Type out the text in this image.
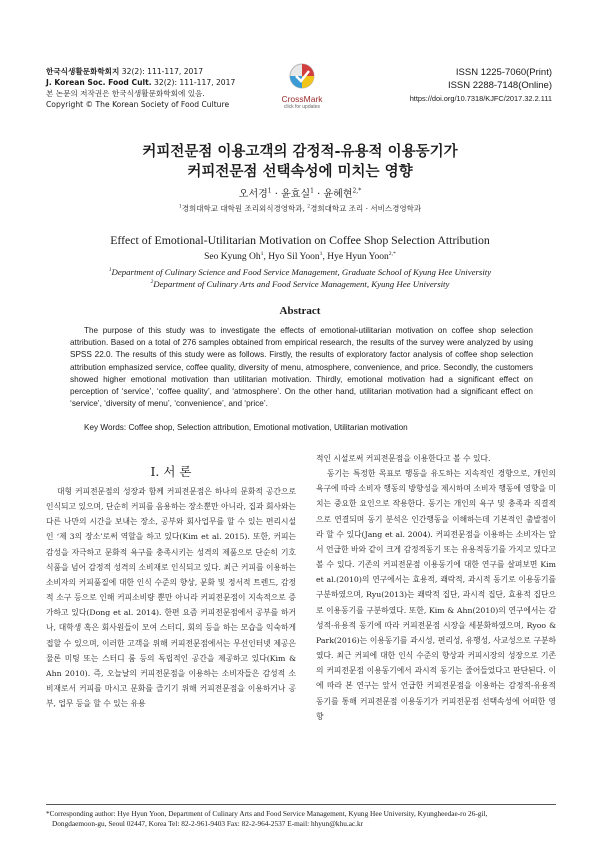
한국식생활문화학회지 32(2): 111-117, 2017
J. Korean Soc. Food Cult. 32(2): 111-117, 2017
본 논문의 저작권은 한국식생활문화학회에 있음.
Copyright © The Korean Society of Food Culture
CrossMark
click for updates
ISSN 1225-7060(Print)
ISSN 2288-7148(Online)
https://doi.org/10.7318/KJFC/2017.32.2.111
커피전문점 이용고객의 감정적-유용적 이용동기가
커피전문점 선택속성에 미치는 영향
오서경$^1$ · 윤효실$^1$ · 윤혜현$^{2,*}$
$^1$경희대학교 대학원 조리외식경영학과, $^2$경희대학교 조리 · 서비스경영학과
Effect of Emotional-Utilitarian Motivation on Coffee Shop Selection Attribution
Seo Kyung Oh$^1$, Hyo Sil Yoon$^1$, Hye Hyun Yoon$^{2,*}$
$^1$Department of Culinary Science and Food Service Management, Graduate School of Kyung Hee University
$^2$Department of Culinary Arts and Food Service Management, Kyung Hee University
Abstract
The purpose of this study was to investigate the effects of emotional-utilitarian motivation on coffee shop selection attribution. Based on a total of 276 samples obtained from empirical research, the results of the survey were analyzed by using SPSS 22.0. The results of this study were as follows. Firstly, the results of exploratory factor analysis of coffee shop selection attribution emphasized service, coffee quality, diversity of menu, atmosphere, convenience, and price. Secondly, the customers showed higher emotional motivation than utilitarian motivation. Thirdly, emotional motivation had a significant effect on perception of ‘service’, ‘coffee quality’, and ‘atmosphere’. On the other hand, utilitarian motivation had a significant effect on ‘service’, ‘diversity of menu’, ‘convenience’, and ‘price’.
Key Words: Coffee shop, Selection attribution, Emotional motivation, Utilitarian motivation
I. 서 론

대형 커피전문점의 성장과 함께 커피전문점은 하나의 문화적 공간으로 인식되고 있으며, 단순히 커피를 음용하는 장소뿐만 아니라, 집과 회사와는 다른 나만의 시간을 보내는 장소, 공부와 회사업무를 할 수 있는 편리시설인 ‘제 3의 장소’로써 역할을 하고 있다(Kim et al. 2015). 또한, 커피는 감성을 자극하고 문화적 욕구를 충족시키는 성격의 제품으로 단순히 기호식품을 넘어 감정적 성격의 소비재로 인식되고 있다. 최근 커피를 이용하는 소비자의 커피품질에 대한 인식 수준의 향상, 문화 및 정서적 트렌드, 감정적 소구 등으로 인해 커피소비량 뿐만 아니라 커피전문점이 지속적으로 증가하고 있다(Dong et al. 2014). 한편 요즘 커피전문점에서 공부를 하거나, 대학생 혹은 회사원들이 모여 스터디, 회의 등을 하는 모습을 익숙하게 접할 수 있으며, 이러한 고객을 위해 커피전문점에서는 무선인터넷 제공은 물론 미팅 또는 스터디 룸 등의 독립적인 공간을 제공하고 있다(Kim & Ahn 2010). 즉, 오늘날의 커피전문점을 이용하는 소비자들은 감성적 소비재로서 커피를 마시고 문화를 즐기기 위해 커피전문점을 이용하거나 공부, 업무 등을 할 수 있는 유용

적인 시설로써 커피전문점을 이용한다고 볼 수 있다.

동기는 특정한 목표로 행동을 유도하는 지속적인 경향으로, 개인의 욕구에 따라 소비자 행동의 방향성을 제시하며 소비자 행동에 영향을 미치는 중요한 요인으로 작용한다. 동기는 개인의 욕구 및 충족과 직결적으로 연결되며 동기 분석은 인간행동을 이해하는데 기본적인 출발점이라 할 수 있다(Jang et al. 2004). 커피전문점을 이용하는 소비자는 앞서 언급한 바와 같이 크게 감정적동기 또는 유용적동기를 가지고 있다고 볼 수 있다. 기존의 커피전문점 이용동기에 대한 연구를 살펴보면 Kim et al.(2010)의 연구에서는 효용적, 쾌락적, 과시적 동기로 이용동기를 구분하였으며, Ryu(2013)는 쾌락적 집단, 과시적 집단, 효용적 집단으로 이용동기를 구분하였다. 또한, Kim & Ahn(2010)의 연구에서는 감성적-유용적 동기에 따라 커피전문점 시장을 세분화하였으며, Ryoo & Park(2016)는 이용동기를 과시성, 편리성, 유행성, 사교성으로 구분하였다. 최근 커피에 대한 인식 수준의 향상과 커피시장의 성장으로 기존의 커피전문점 이용동기에서 과시적 동기는 줄어들었다고 판단된다. 이에 따라 본 연구는 앞서 언급한 커피전문점을 이용하는 감정적-유용적 동기를 통해 커피전문점 이용동기가 커피전문점 선택속성에 어떠한 영향

*Corresponding author: Hye Hyun Yoon, Department of Culinary Arts and Food Service Management, Kyung Hee University, Kyungheedae-ro 26-gil,
Dongdaemoon-gu, Seoul 02447, Korea Tel: 82-2-961-9403 Fax: 82-2-964-2537 E-mail: hhyun@khu.ac.kr
